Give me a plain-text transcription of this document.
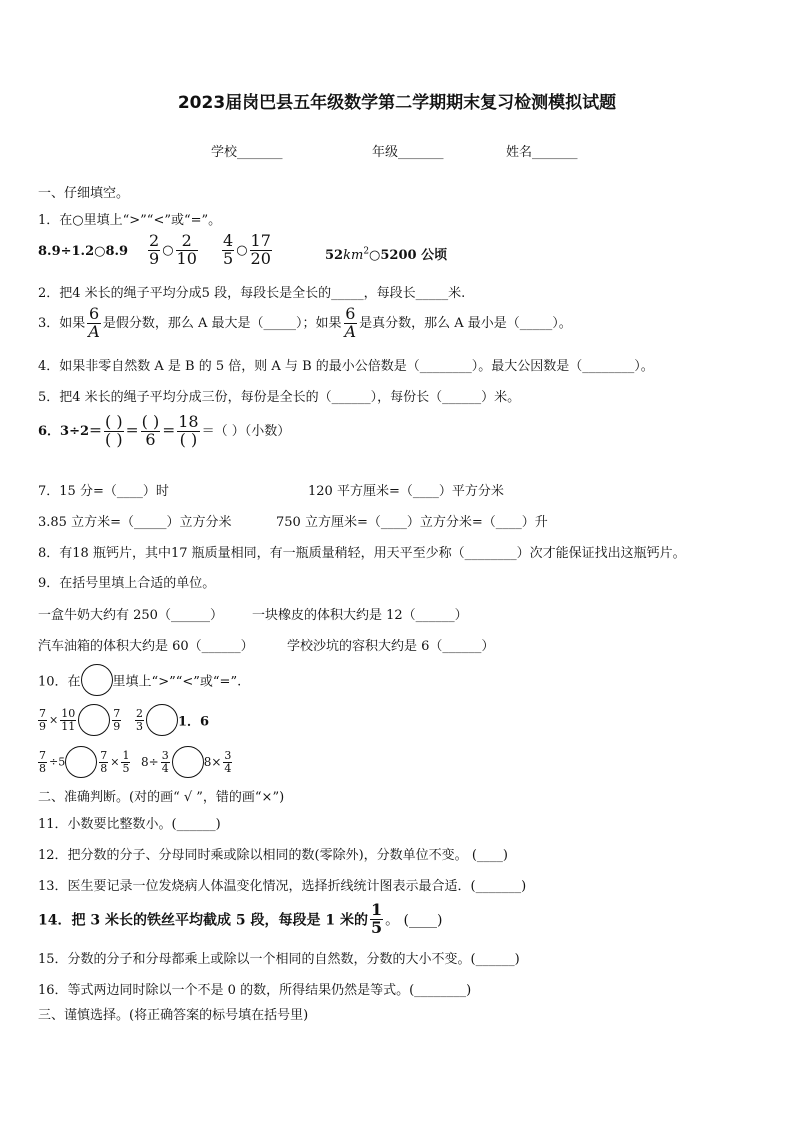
2023届岗巴县五年级数学第二学期期末复习检测模拟试题
学校_______	年级_______	姓名_______
一、仔细填空。
1．在○里填上“>”“<”或“=”。
8.9÷1.2○8.9 $\frac{2}{9}$ ○ $\frac{2}{10} \frac{4}{5}$ ○ $\frac{17}{20}$	$52km^2○5200$ 公顷
2．把4 米长的绳子平均分成5 段，每段长是全长的_____，每段长_____米.
3．如果 $\frac{6}{A}$ 是假分数，那么 A 最大是（_____）；如果 $\frac{6}{A}$ 是真分数，那么 A 最小是（_____）。
4．如果非零自然数 A 是 B 的 5 倍，则 A 与 B 的最小公倍数是（________）。最大公因数是（________）。
5．把4 米长的绳子平均分成三份，每份是全长的（______），每份长（______）米。
6．$3\div 2= \frac{( )}{( )} = \frac{( )}{6} = \frac{18}{( )}$ ＝（ ）（小数）
7．15 分=（____）时	120 平方厘米=（____）平方分米
3.85 立方米=（_____）立方分米	750 立方厘米=（____）立方分米=（____）升
8．有18 瓶钙片，其中17 瓶质量相同，有一瓶质量稍轻，用天平至少称（________）次才能保证找出这瓶钙片。
9．在括号里填上合适的单位。
一盒牛奶大约有 250（______） 一块橡皮的体积大约是 12（______）
汽车油箱的体积大约是 60（______）	学校沙坑的容积大约是 6（______）
10．在 里填上“>”“<”或“=”.
$\frac{7}{9} \times \frac{10}{11}$	$\frac{7}{9} \frac{2}{3}$	1．6
$\frac{7}{8} \div 5$	$\frac{7}{8} \times \frac{1}{5} 8\div \frac{3}{4}$	$8\times \frac{3}{4}$
二、准确判断。(对的画“ √ ”，错的画“×”)
11．小数要比整数小。(______)
12．把分数的分子、分母同时乘或除以相同的数(零除外)，分数单位不变。 (____)
13．医生要记录一位发烧病人体温变化情况，选择折线统计图表示最合适．(_______)
14．把 3 米长的铁丝平均截成 5 段，每段是 1 米的 $\frac{1}{5}$ 。 (____)
15．分数的分子和分母都乘上或除以一个相同的自然数，分数的大小不变。(______)
16．等式两边同时除以一个不是 0 的数，所得结果仍然是等式。(________)
三、谨慎选择。(将正确答案的标号填在括号里)
